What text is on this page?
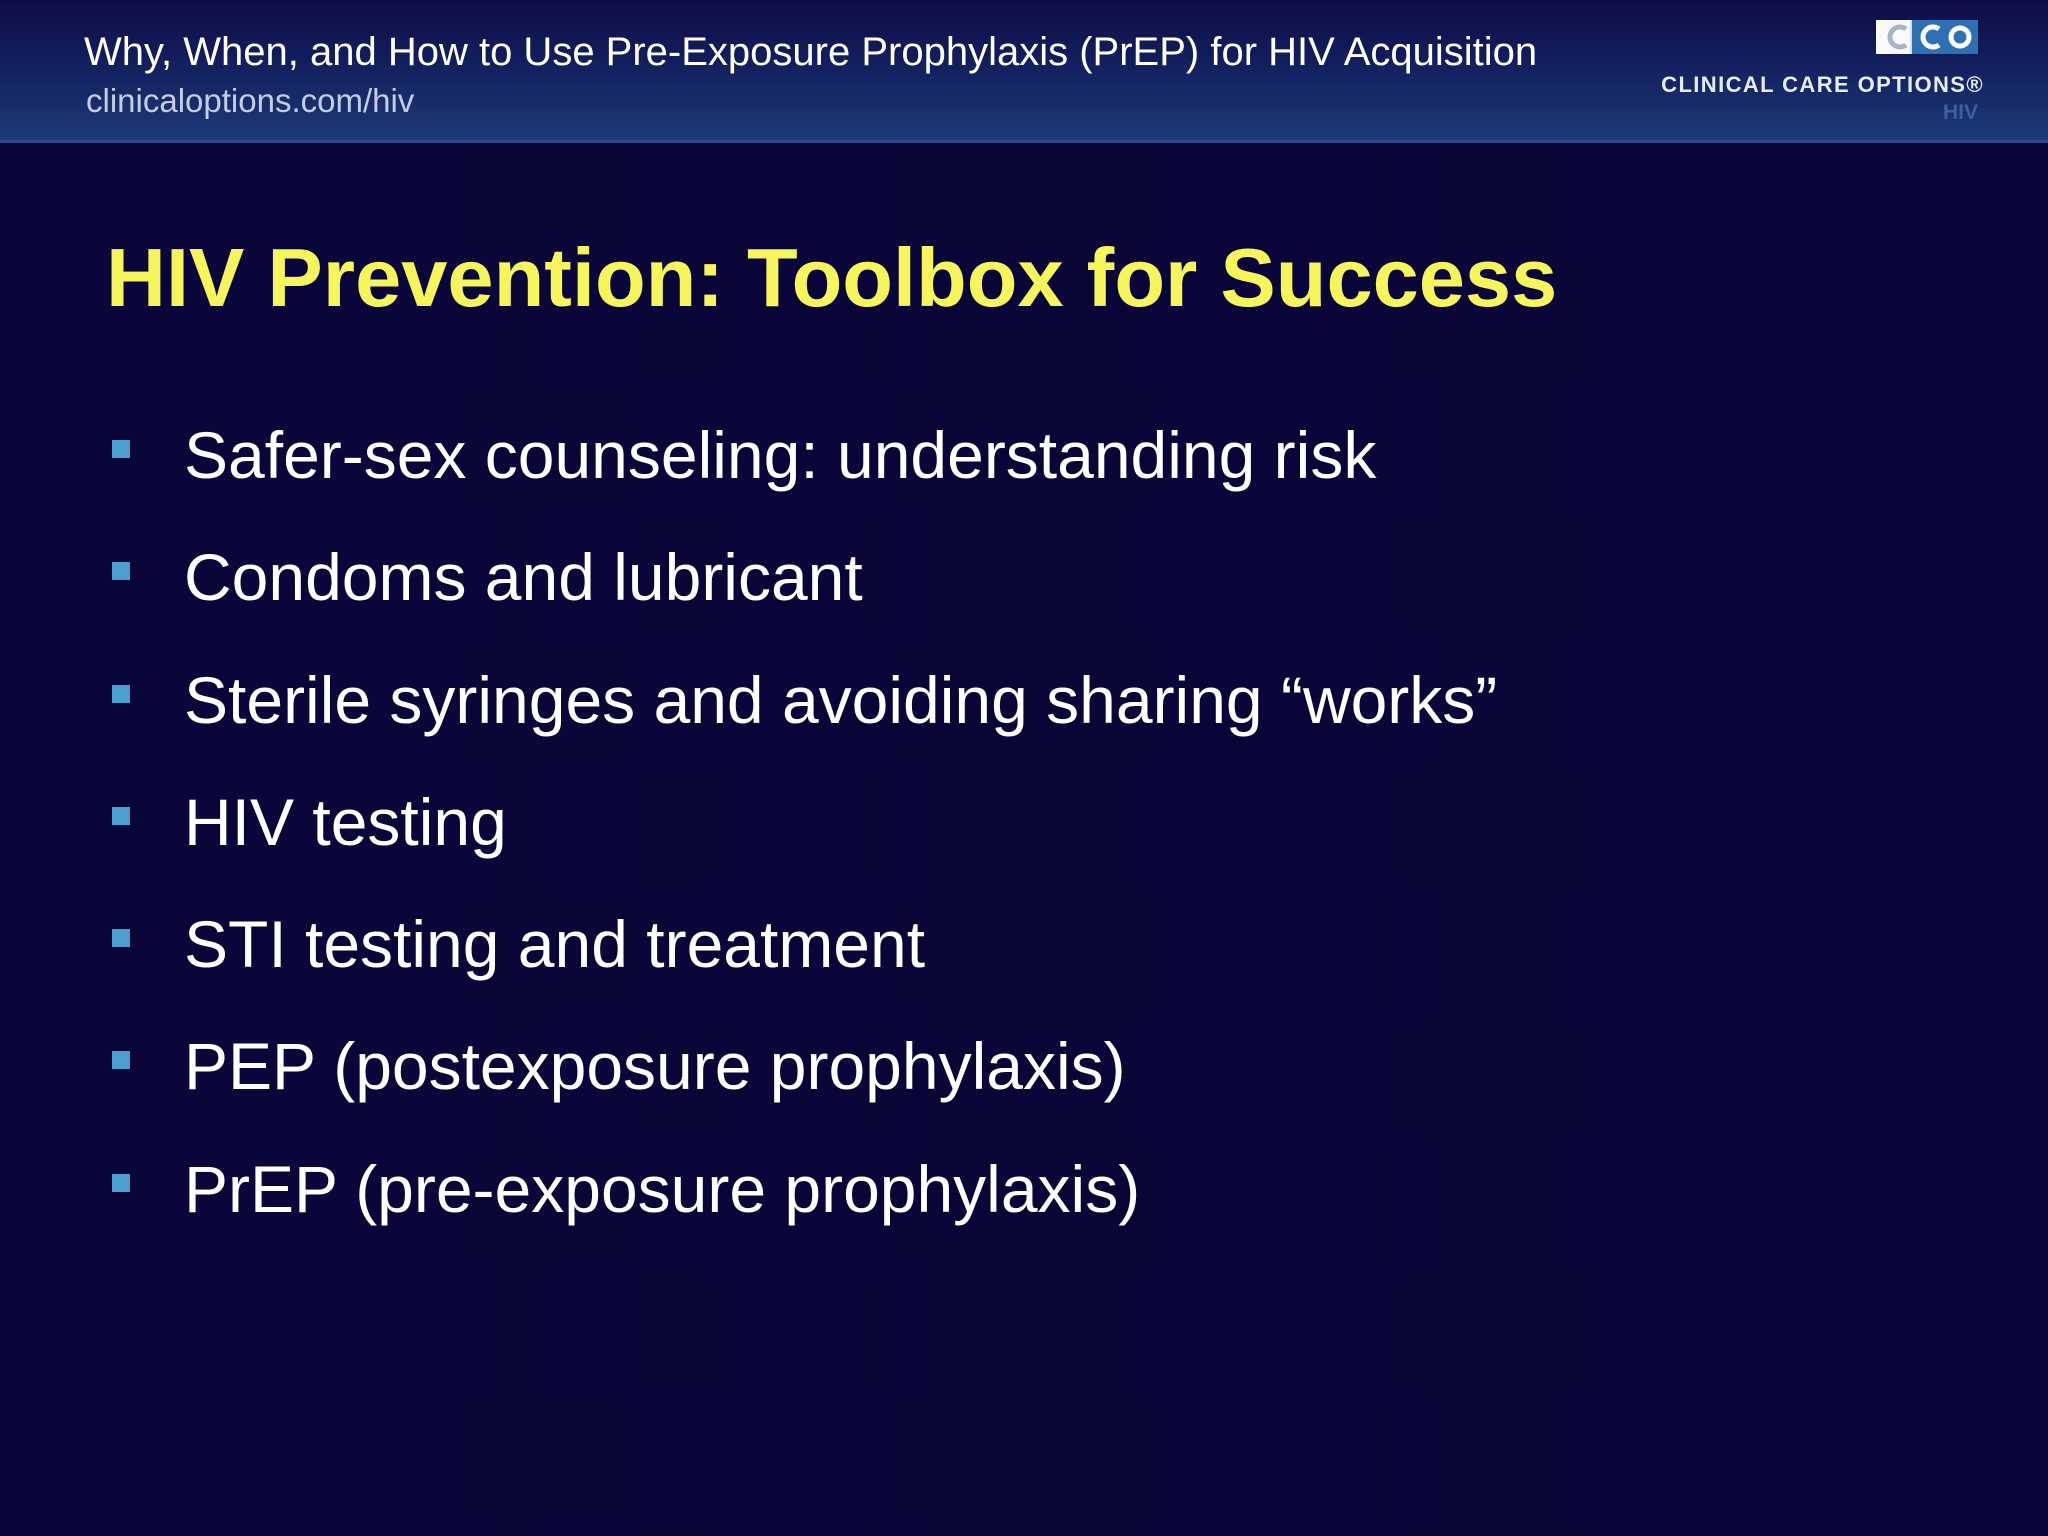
Why, When, and How to Use Pre-Exposure Prophylaxis (PrEP) for HIV Acquisition
clinicaloptions.com/hiv	CLINICAL CARE OPTIONS®
HIV
HIV Prevention: Toolbox for Success
Safer-sex counseling: understanding risk
Condoms and lubricant
Sterile syringes and avoiding sharing “works”
HIV testing
STI testing and treatment
PEP (postexposure prophylaxis)
PrEP (pre-exposure prophylaxis)
